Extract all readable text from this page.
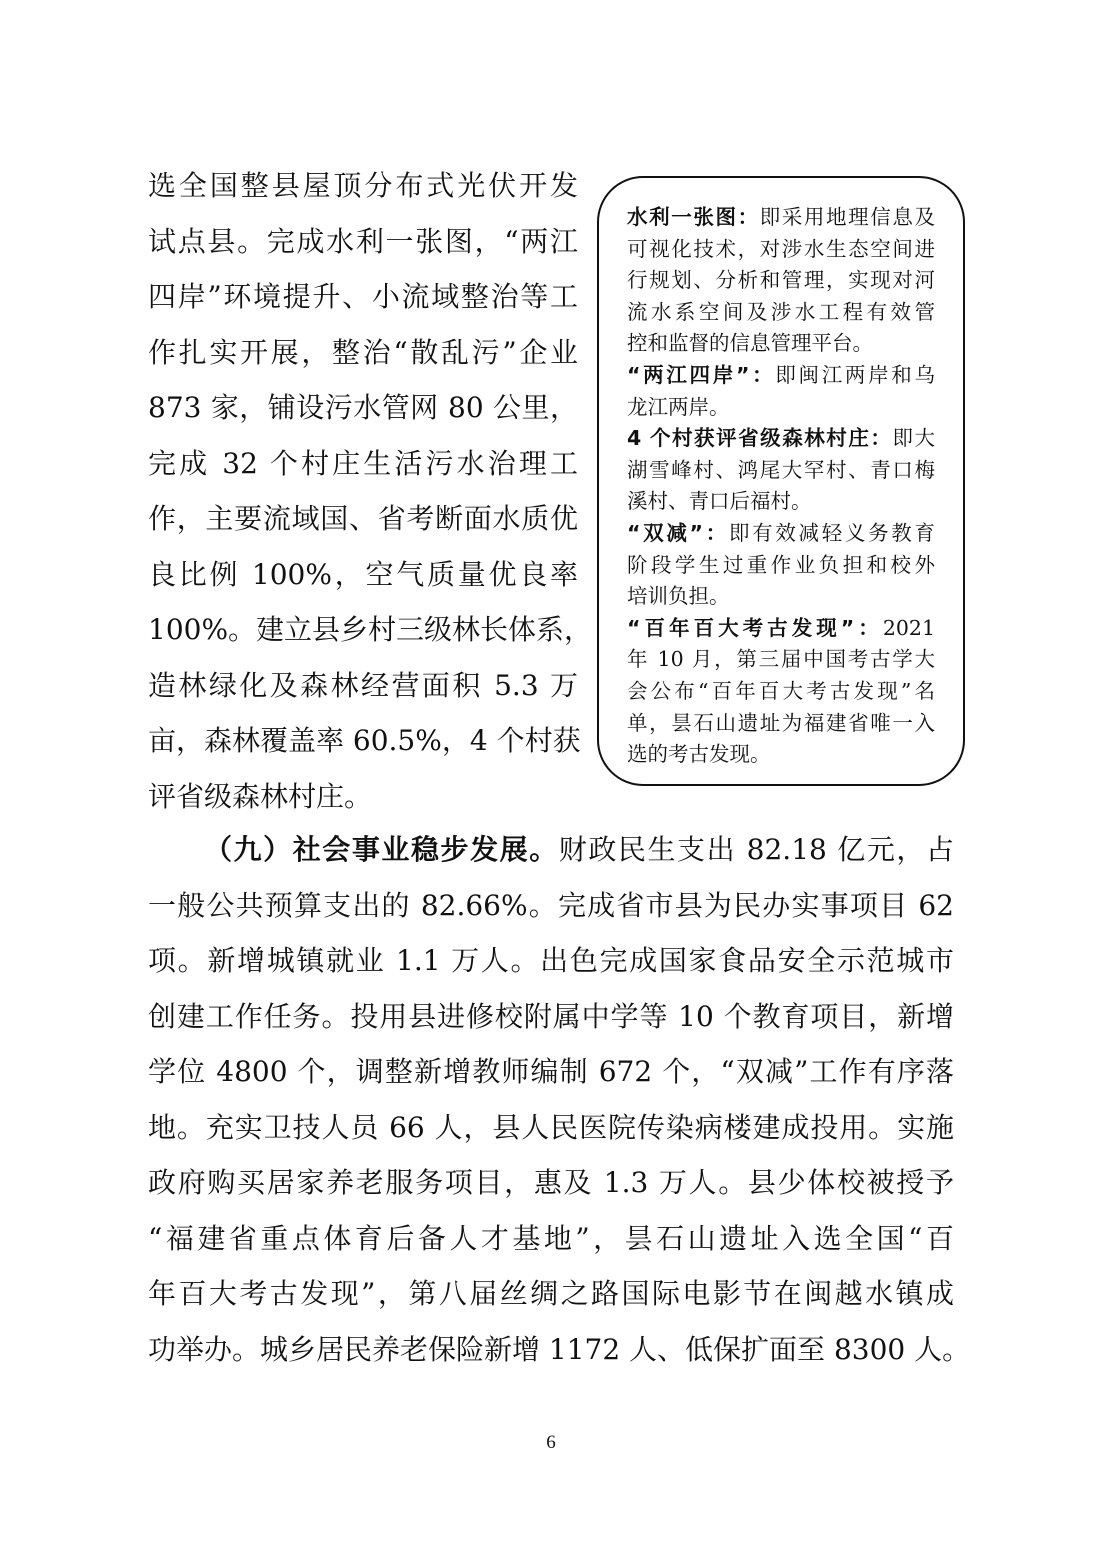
选全国整县屋顶分布式光伏开发
试点县。完成水利一张图，“两江
四岸”环境提升、小流域整治等工
作扎实开展，整治“散乱污”企业
873 家，铺设污水管网 80 公里，
完成 32 个村庄生活污水治理工
作，主要流域国、省考断面水质优
良比例 100%，空气质量优良率
100%。建立县乡村三级林长体系，
造林绿化及森林经营面积 5.3 万
亩，森林覆盖率 60.5%，4 个村获
评省级森林村庄。
水利一张图：即采用地理信息及
可视化技术，对涉水生态空间进
行规划、分析和管理，实现对河
流水系空间及涉水工程有效管
控和监督的信息管理平台。
“两江四岸”：即闽江两岸和乌
龙江两岸。
4 个村获评省级森林村庄：即大
湖雪峰村、鸿尾大罕村、青口梅
溪村、青口后福村。
“双减”：即有效减轻义务教育
阶段学生过重作业负担和校外
培训负担。
“百年百大考古发现”：2021
年 10 月，第三届中国考古学大
会公布“百年百大考古发现”名
单，昙石山遗址为福建省唯一入
选的考古发现。
（九）社会事业稳步发展。财政民生支出 82.18 亿元，占
一般公共预算支出的 82.66%。完成省市县为民办实事项目 62
项。新增城镇就业 1.1 万人。出色完成国家食品安全示范城市
创建工作任务。投用县进修校附属中学等 10 个教育项目，新增
学位 4800 个，调整新增教师编制 672 个，“双减”工作有序落
地。充实卫技人员 66 人，县人民医院传染病楼建成投用。实施
政府购买居家养老服务项目，惠及 1.3 万人。县少体校被授予
“福建省重点体育后备人才基地”，昙石山遗址入选全国“百
年百大考古发现”，第八届丝绸之路国际电影节在闽越水镇成
功举办。城乡居民养老保险新增 1172 人、低保扩面至 8300 人。
6
